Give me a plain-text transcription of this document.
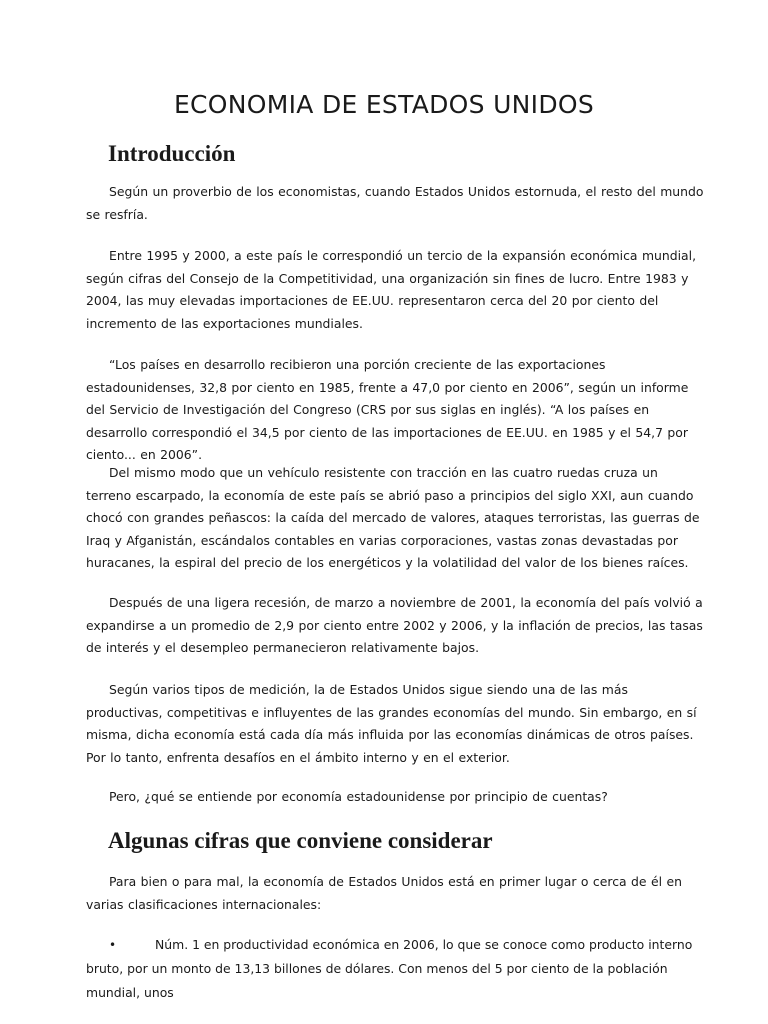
ECONOMIA DE ESTADOS UNIDOS
Introducción

Según un proverbio de los economistas, cuando Estados Unidos estornuda, el resto del mundo se resfría.

Entre 1995 y 2000, a este país le correspondió un tercio de la expansión económica mundial, según cifras del Consejo de la Competitividad, una organización sin fines de lucro. Entre 1983 y 2004, las muy elevadas importaciones de EE.UU. representaron cerca del 20 por ciento del incremento de las exportaciones mundiales.

“Los países en desarrollo recibieron una porción creciente de las exportaciones estadounidenses, 32,8 por ciento en 1985, frente a 47,0 por ciento en 2006”, según un informe del Servicio de Investigación del Congreso (CRS por sus siglas en inglés). “A los países en desarrollo correspondió el 34,5 por ciento de las importaciones de EE.UU. en 1985 y el 54,7 por ciento... en 2006”.

Del mismo modo que un vehículo resistente con tracción en las cuatro ruedas cruza un terreno escarpado, la economía de este país se abrió paso a principios del siglo XXI, aun cuando chocó con grandes peñascos: la caída del mercado de valores, ataques terroristas, las guerras de Iraq y Afganistán, escándalos contables en varias corporaciones, vastas zonas devastadas por huracanes, la espiral del precio de los energéticos y la volatilidad del valor de los bienes raíces.

Después de una ligera recesión, de marzo a noviembre de 2001, la economía del país volvió a expandirse a un promedio de 2,9 por ciento entre 2002 y 2006, y la inflación de precios, las tasas de interés y el desempleo permanecieron relativamente bajos.

Según varios tipos de medición, la de Estados Unidos sigue siendo una de las más productivas, competitivas e influyentes de las grandes economías del mundo. Sin embargo, en sí misma, dicha economía está cada día más influida por las economías dinámicas de otros países. Por lo tanto, enfrenta desafíos en el ámbito interno y en el exterior.

Pero, ¿qué se entiende por economía estadounidense por principio de cuentas?

Algunas cifras que conviene considerar

Para bien o para mal, la economía de Estados Unidos está en primer lugar o cerca de él en varias clasificaciones internacionales:

•	Núm. 1 en productividad económica en 2006, lo que se conoce como producto interno bruto, por un monto de 13,13 billones de dólares. Con menos del 5 por ciento de la población mundial, unos
